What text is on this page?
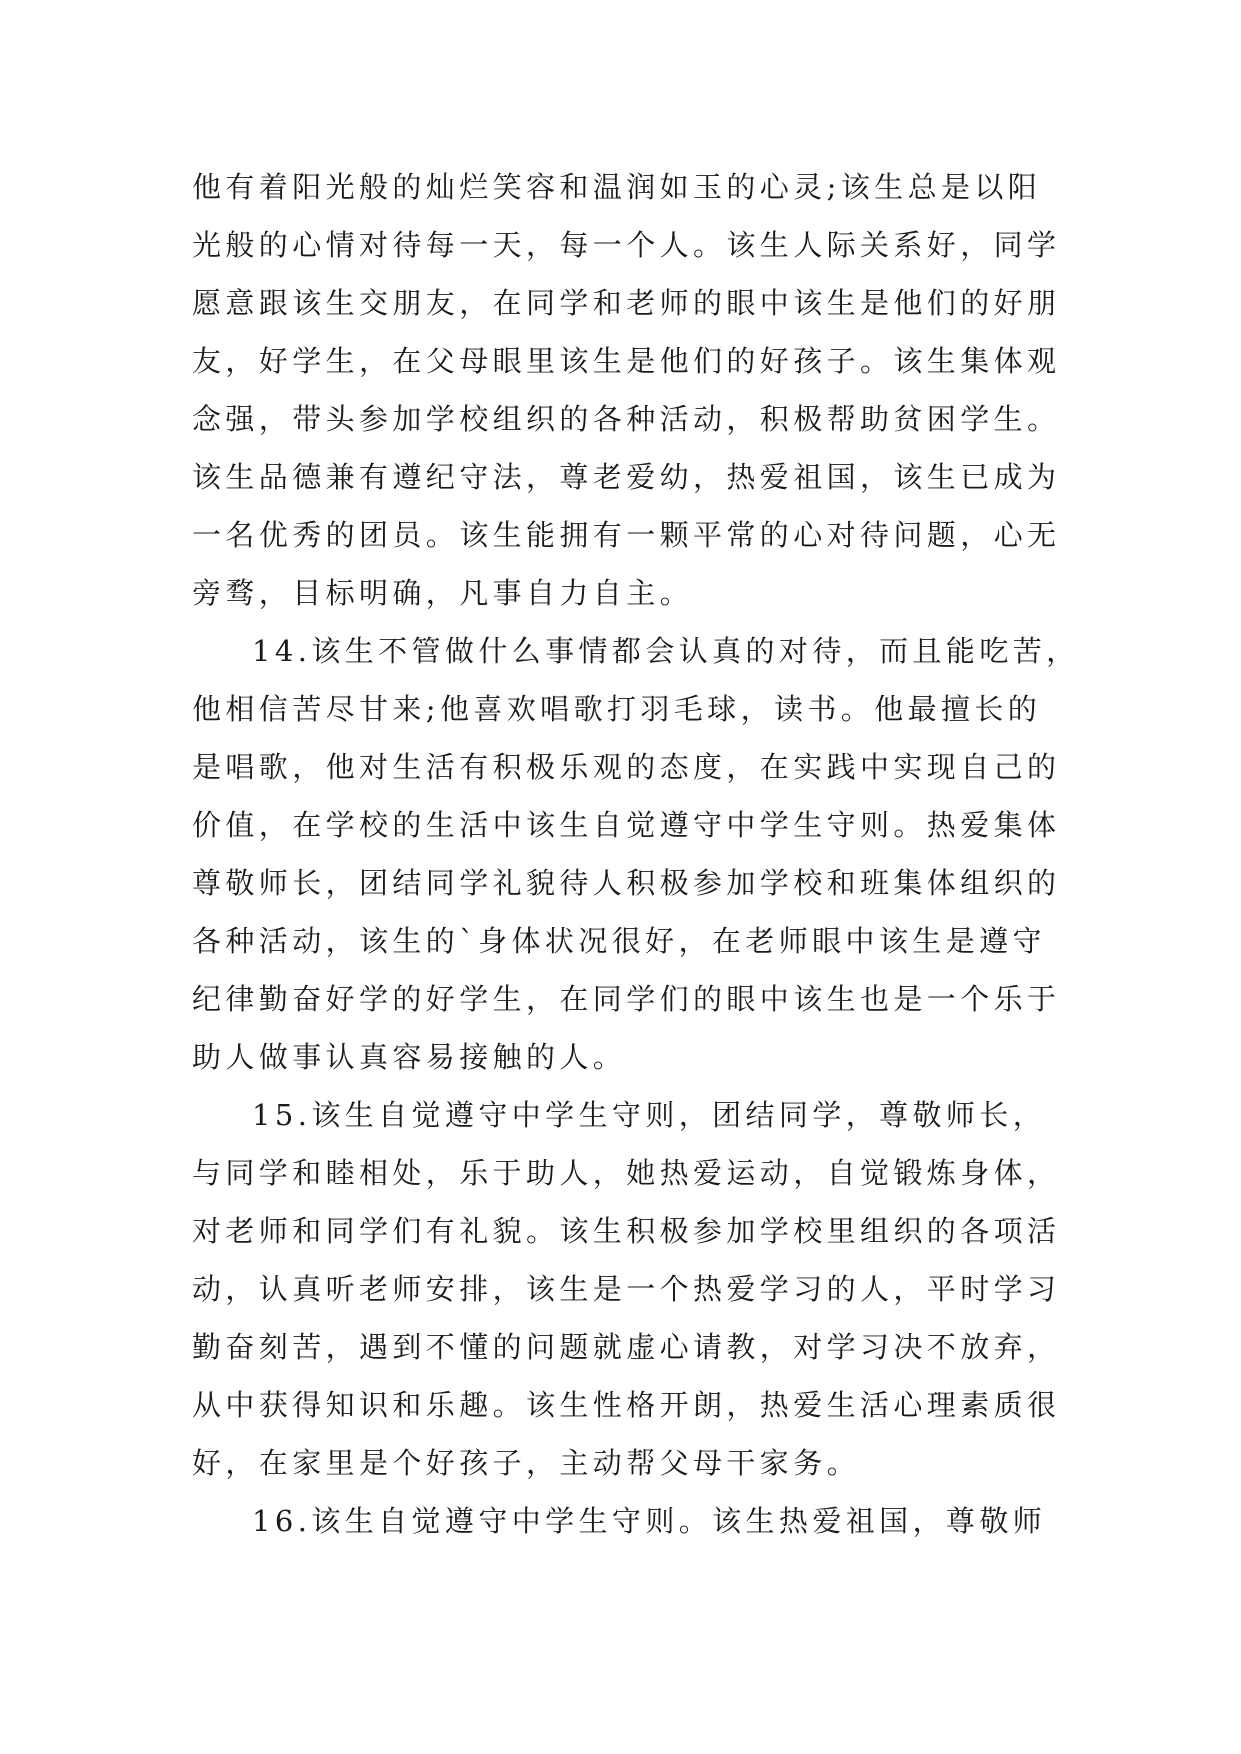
他有着阳光般的灿烂笑容和温润如玉的心灵;该生总是以阳
光般的心情对待每一天，每一个人。该生人际关系好，同学
愿意跟该生交朋友，在同学和老师的眼中该生是他们的好朋
友，好学生，在父母眼里该生是他们的好孩子。该生集体观
念强，带头参加学校组织的各种活动，积极帮助贫困学生。
该生品德兼有遵纪守法，尊老爱幼，热爱祖国，该生已成为
一名优秀的团员。该生能拥有一颗平常的心对待问题，心无
旁骛，目标明确，凡事自力自主。
14.该生不管做什么事情都会认真的对待，而且能吃苦，
他相信苦尽甘来;他喜欢唱歌打羽毛球，读书。他最擅长的
是唱歌，他对生活有积极乐观的态度，在实践中实现自己的
价值，在学校的生活中该生自觉遵守中学生守则。热爱集体
尊敬师长，团结同学礼貌待人积极参加学校和班集体组织的
各种活动，该生的`身体状况很好，在老师眼中该生是遵守
纪律勤奋好学的好学生，在同学们的眼中该生也是一个乐于
助人做事认真容易接触的人。
15.该生自觉遵守中学生守则，团结同学，尊敬师长，
与同学和睦相处，乐于助人，她热爱运动，自觉锻炼身体，
对老师和同学们有礼貌。该生积极参加学校里组织的各项活
动，认真听老师安排，该生是一个热爱学习的人，平时学习
勤奋刻苦，遇到不懂的问题就虚心请教，对学习决不放弃，
从中获得知识和乐趣。该生性格开朗，热爱生活心理素质很
好，在家里是个好孩子，主动帮父母干家务。
16.该生自觉遵守中学生守则。该生热爱祖国，尊敬师
